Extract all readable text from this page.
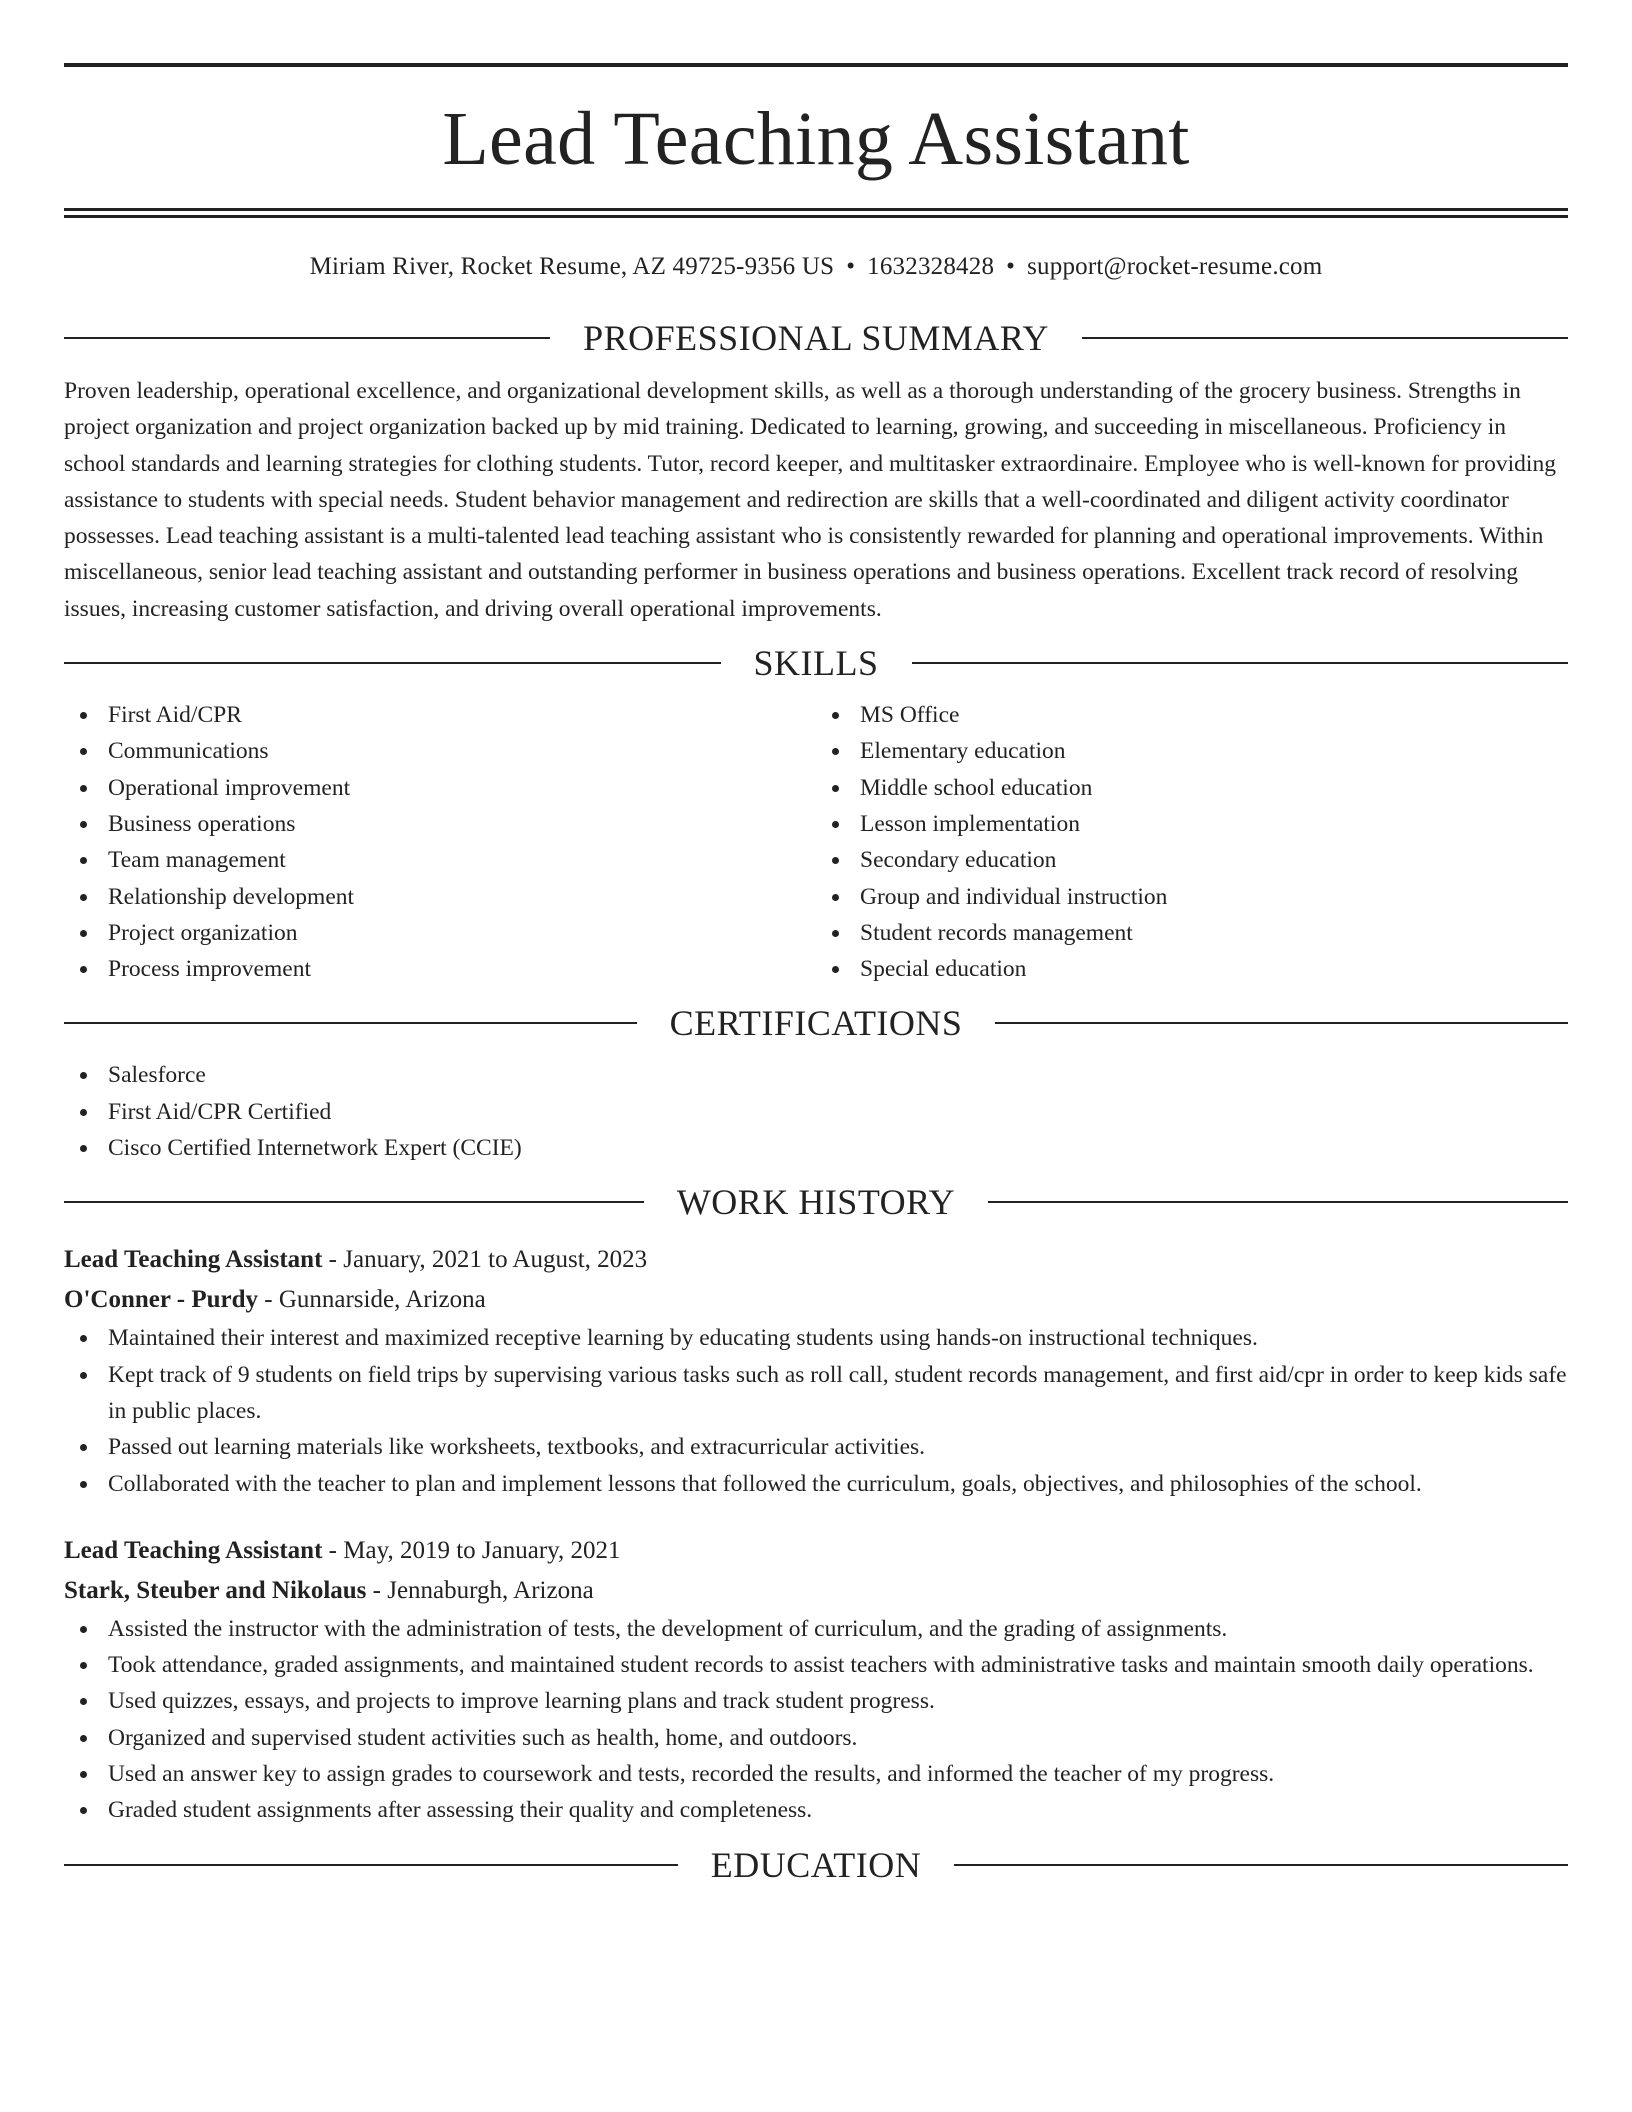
Lead Teaching Assistant
Miriam River, Rocket Resume, AZ 49725-9356 US • 1632328428 • support@rocket-resume.com
PROFESSIONAL SUMMARY

Proven leadership, operational excellence, and organizational development skills, as well as a thorough understanding of the grocery business. Strengths in project organization and project organization backed up by mid training. Dedicated to learning, growing, and succeeding in miscellaneous. Proficiency in school standards and learning strategies for clothing students. Tutor, record keeper, and multitasker extraordinaire. Employee who is well-known for providing assistance to students with special needs. Student behavior management and redirection are skills that a well-coordinated and diligent activity coordinator possesses. Lead teaching assistant is a multi-talented lead teaching assistant who is consistently rewarded for planning and operational improvements. Within miscellaneous, senior lead teaching assistant and outstanding performer in business operations and business operations. Excellent track record of resolving issues, increasing customer satisfaction, and driving overall operational improvements.

SKILLS
First Aid/CPR
Communications
Operational improvement
Business operations
Team management
Relationship development
Project organization
Process improvement
MS Office
Elementary education
Middle school education
Lesson implementation
Secondary education
Group and individual instruction
Student records management
Special education
CERTIFICATIONS
Salesforce
First Aid/CPR Certified
Cisco Certified Internetwork Expert (CCIE)
WORK HISTORY
Lead Teaching Assistant - January, 2021 to August, 2023
O'Conner - Purdy - Gunnarside, Arizona
Maintained their interest and maximized receptive learning by educating students using hands-on instructional techniques.
Kept track of 9 students on field trips by supervising various tasks such as roll call, student records management, and first aid/cpr in order to keep kids safe in public places.
Passed out learning materials like worksheets, textbooks, and extracurricular activities.
Collaborated with the teacher to plan and implement lessons that followed the curriculum, goals, objectives, and philosophies of the school.
Lead Teaching Assistant - May, 2019 to January, 2021
Stark, Steuber and Nikolaus - Jennaburgh, Arizona
Assisted the instructor with the administration of tests, the development of curriculum, and the grading of assignments.
Took attendance, graded assignments, and maintained student records to assist teachers with administrative tasks and maintain smooth daily operations.
Used quizzes, essays, and projects to improve learning plans and track student progress.
Organized and supervised student activities such as health, home, and outdoors.
Used an answer key to assign grades to coursework and tests, recorded the results, and informed the teacher of my progress.
Graded student assignments after assessing their quality and completeness.
EDUCATION
